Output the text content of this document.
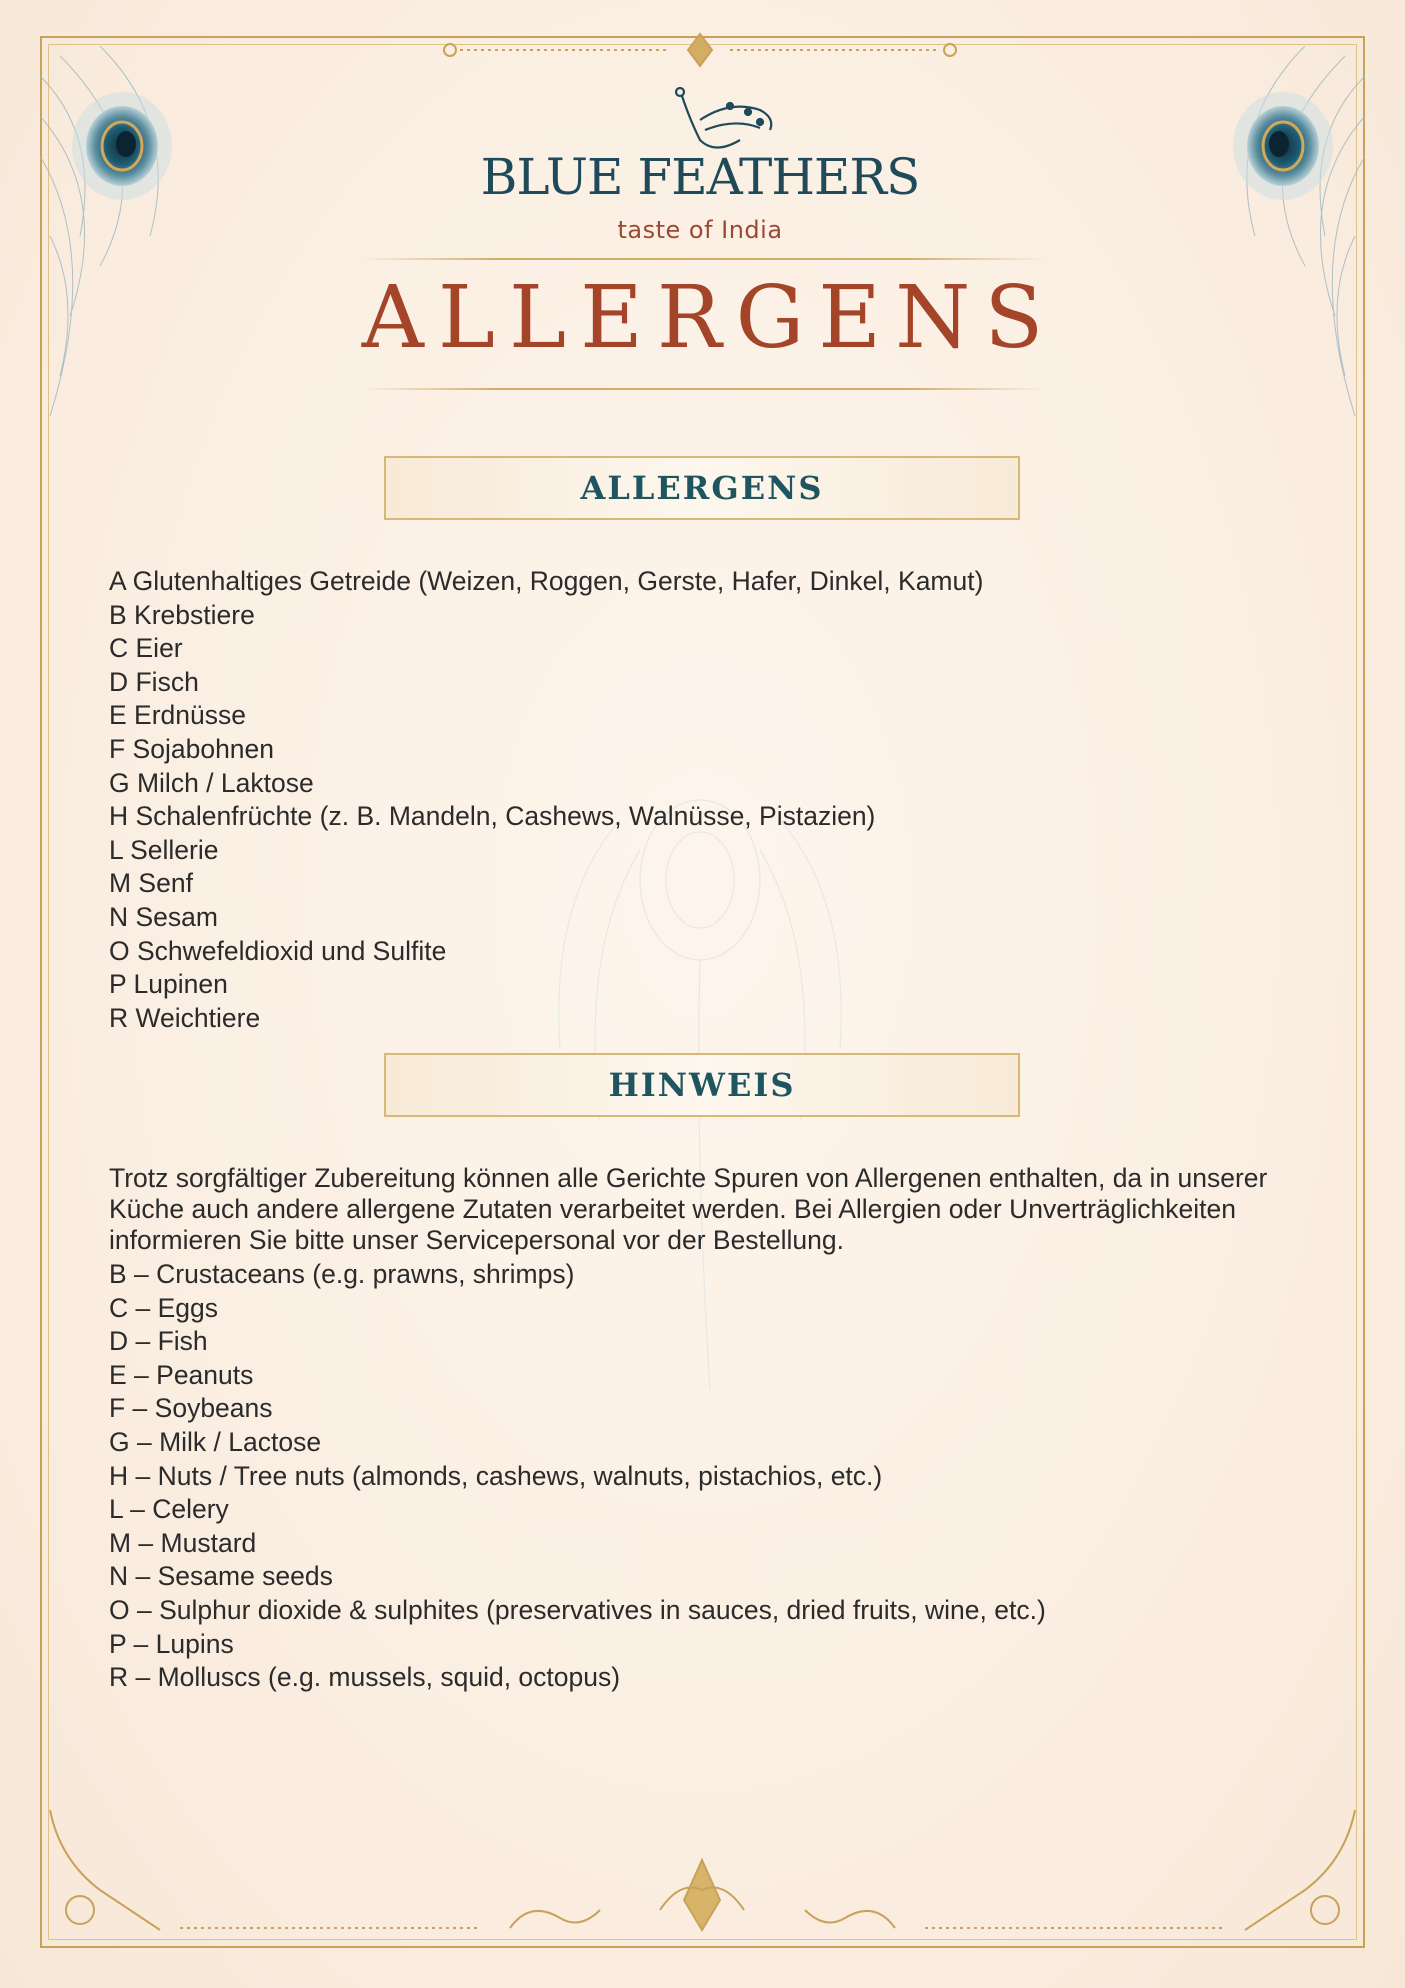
BLUE FEATHERS
taste of India
ALLERGENS
ALLERGENS
A Glutenhaltiges Getreide (Weizen, Roggen, Gerste, Hafer, Dinkel, Kamut)
B Krebstiere
C Eier
D Fisch
E Erdnüsse
F Sojabohnen
G Milch / Laktose
H Schalenfrüchte (z. B. Mandeln, Cashews, Walnüsse, Pistazien)
L Sellerie
M Senf
N Sesam
O Schwefeldioxid und Sulfite
P Lupinen
R Weichtiere
HINWEIS

Trotz sorgfältiger Zubereitung können alle Gerichte Spuren von Allergenen enthalten, da in unserer Küche auch andere allergene Zutaten verarbeitet werden. Bei Allergien oder Unverträglichkeiten informieren Sie bitte unser Servicepersonal vor der Bestellung.

B – Crustaceans (e.g. prawns, shrimps)
C – Eggs
D – Fish
E – Peanuts
F – Soybeans
G – Milk / Lactose
H – Nuts / Tree nuts (almonds, cashews, walnuts, pistachios, etc.)
L – Celery
M – Mustard
N – Sesame seeds
O – Sulphur dioxide & sulphites (preservatives in sauces, dried fruits, wine, etc.)
P – Lupins
R – Molluscs (e.g. mussels, squid, octopus)
